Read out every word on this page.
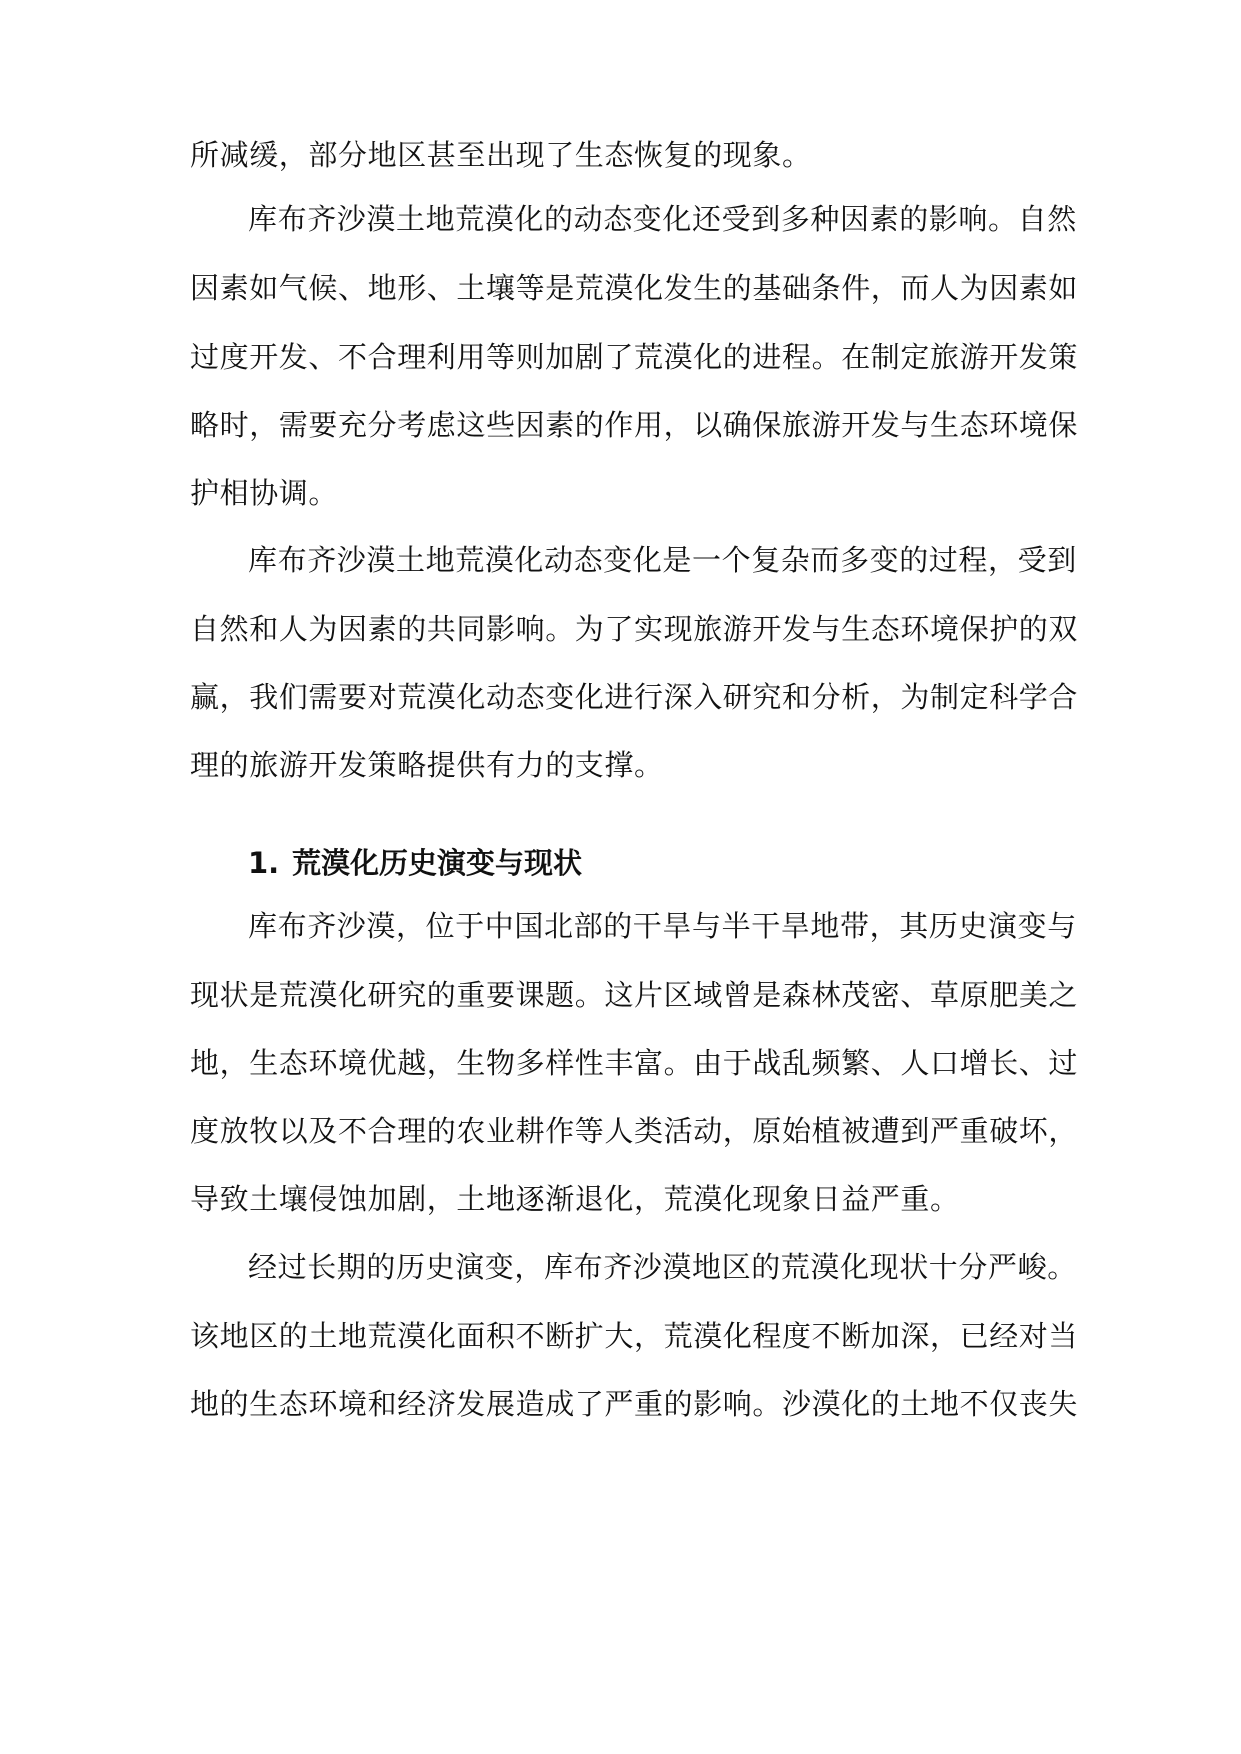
所减缓，部分地区甚至出现了生态恢复的现象。
库布齐沙漠土地荒漠化的动态变化还受到多种因素的影响。自然
因素如气候、地形、土壤等是荒漠化发生的基础条件，而人为因素如
过度开发、不合理利用等则加剧了荒漠化的进程。在制定旅游开发策
略时，需要充分考虑这些因素的作用，以确保旅游开发与生态环境保
护相协调。
库布齐沙漠土地荒漠化动态变化是一个复杂而多变的过程，受到
自然和人为因素的共同影响。为了实现旅游开发与生态环境保护的双
赢，我们需要对荒漠化动态变化进行深入研究和分析，为制定科学合
理的旅游开发策略提供有力的支撑。
1. 荒漠化历史演变与现状
库布齐沙漠，位于中国北部的干旱与半干旱地带，其历史演变与
现状是荒漠化研究的重要课题。这片区域曾是森林茂密、草原肥美之
地，生态环境优越，生物多样性丰富。由于战乱频繁、人口增长、过
度放牧以及不合理的农业耕作等人类活动，原始植被遭到严重破坏，
导致土壤侵蚀加剧，土地逐渐退化，荒漠化现象日益严重。
经过长期的历史演变，库布齐沙漠地区的荒漠化现状十分严峻。
该地区的土地荒漠化面积不断扩大，荒漠化程度不断加深，已经对当
地的生态环境和经济发展造成了严重的影响。沙漠化的土地不仅丧失
